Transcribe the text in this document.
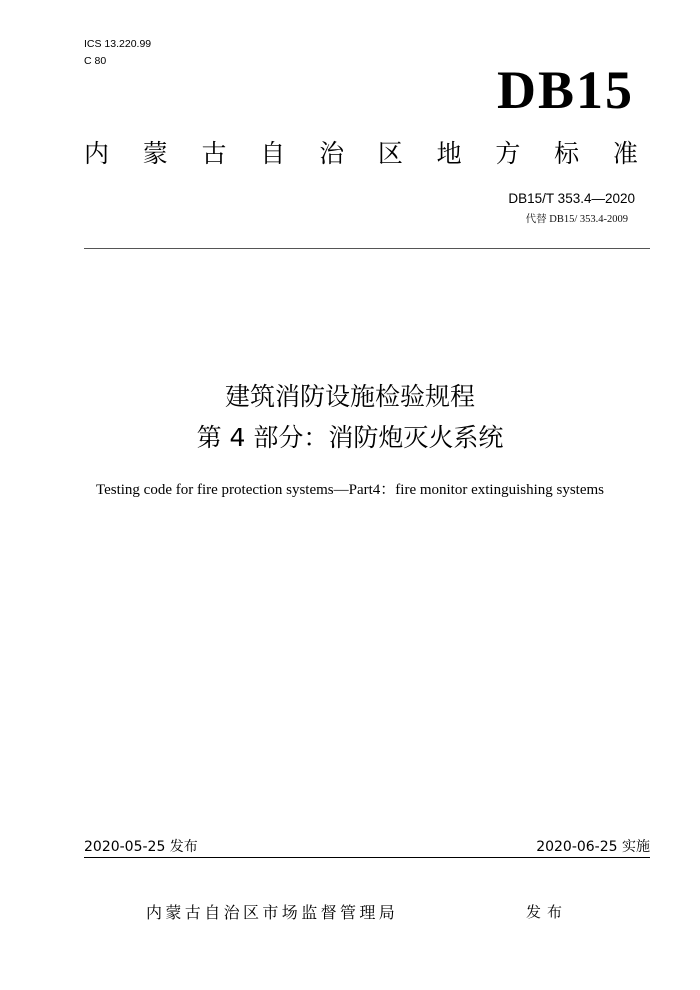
ICS 13.220.99
C 80	DB15
内 蒙 古 自 治 区 地 方 标 准
DB15/T 353.4—2020
代替 DB15/ 353.4-2009
建筑消防设施检验规程
第 4 部分：消防炮灭火系统
Testing code for fire protection systems—Part4：fire monitor extinguishing systems
2020-05-25 发布	2020-06-25 实施
内蒙古自治区市场监督管理局	发布
